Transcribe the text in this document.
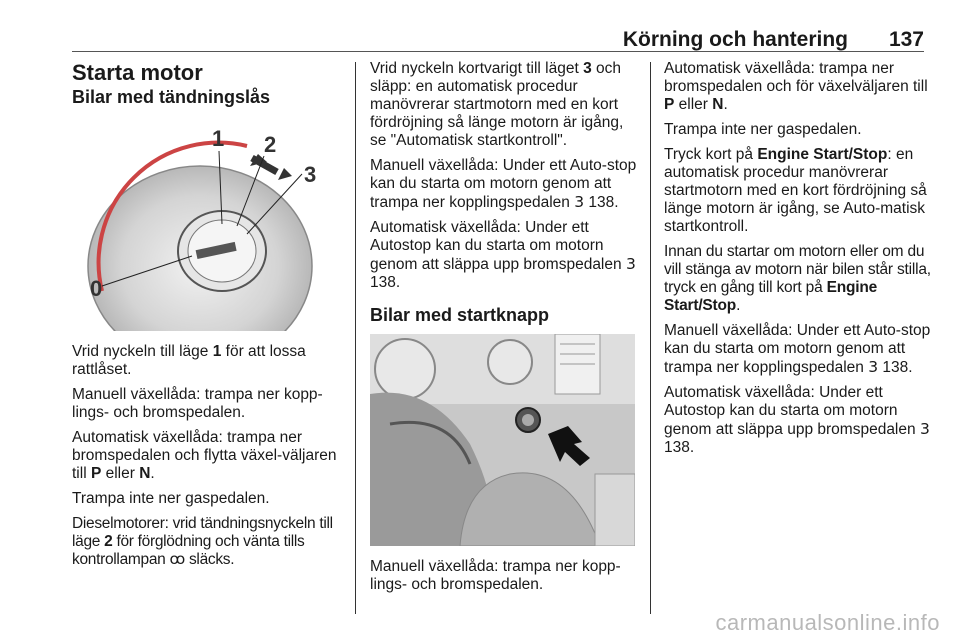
Körning och hantering 137
Starta motor
Bilar med tändningslås
0
1 2
3

Vrid nyckeln till läge 1 för att lossa rattlåset.

Manuell växellåda: trampa ner kopp-lings- och bromspedalen.

Automatisk växellåda: trampa ner bromspedalen och flytta växel-väljaren till P eller N.

Trampa inte ner gaspedalen.

Dieselmotorer: vrid tändningsnyckeln till läge 2 för förglödning och vänta tills kontrollampan ꝏ släcks.

Vrid nyckeln kortvarigt till läget 3 och släpp: en automatisk procedur manövrerar startmotorn med en kort fördröjning så länge motorn är igång, se "Automatisk startkontroll".

Manuell växellåda: Under ett Auto-stop kan du starta om motorn genom att trampa ner kopplingspedalen 3 138.

Automatisk växellåda: Under ett Autostop kan du starta om motorn genom att släppa upp bromspedalen 3 138.

Bilar med startknapp

Manuell växellåda: trampa ner kopp-lings- och bromspedalen.

Automatisk växellåda: trampa ner bromspedalen och för växelväljaren till P eller N.

Trampa inte ner gaspedalen.

Tryck kort på Engine Start/Stop: en automatisk procedur manövrerar startmotorn med en kort fördröjning så länge motorn är igång, se Auto-matisk startkontroll.

Innan du startar om motorn eller om du vill stänga av motorn när bilen står stilla, tryck en gång till kort på Engine Start/Stop.

Manuell växellåda: Under ett Auto-stop kan du starta om motorn genom att trampa ner kopplingspedalen 3 138.

Automatisk växellåda: Under ett Autostop kan du starta om motorn genom att släppa upp bromspedalen 3 138.

carmanualsonline.info
